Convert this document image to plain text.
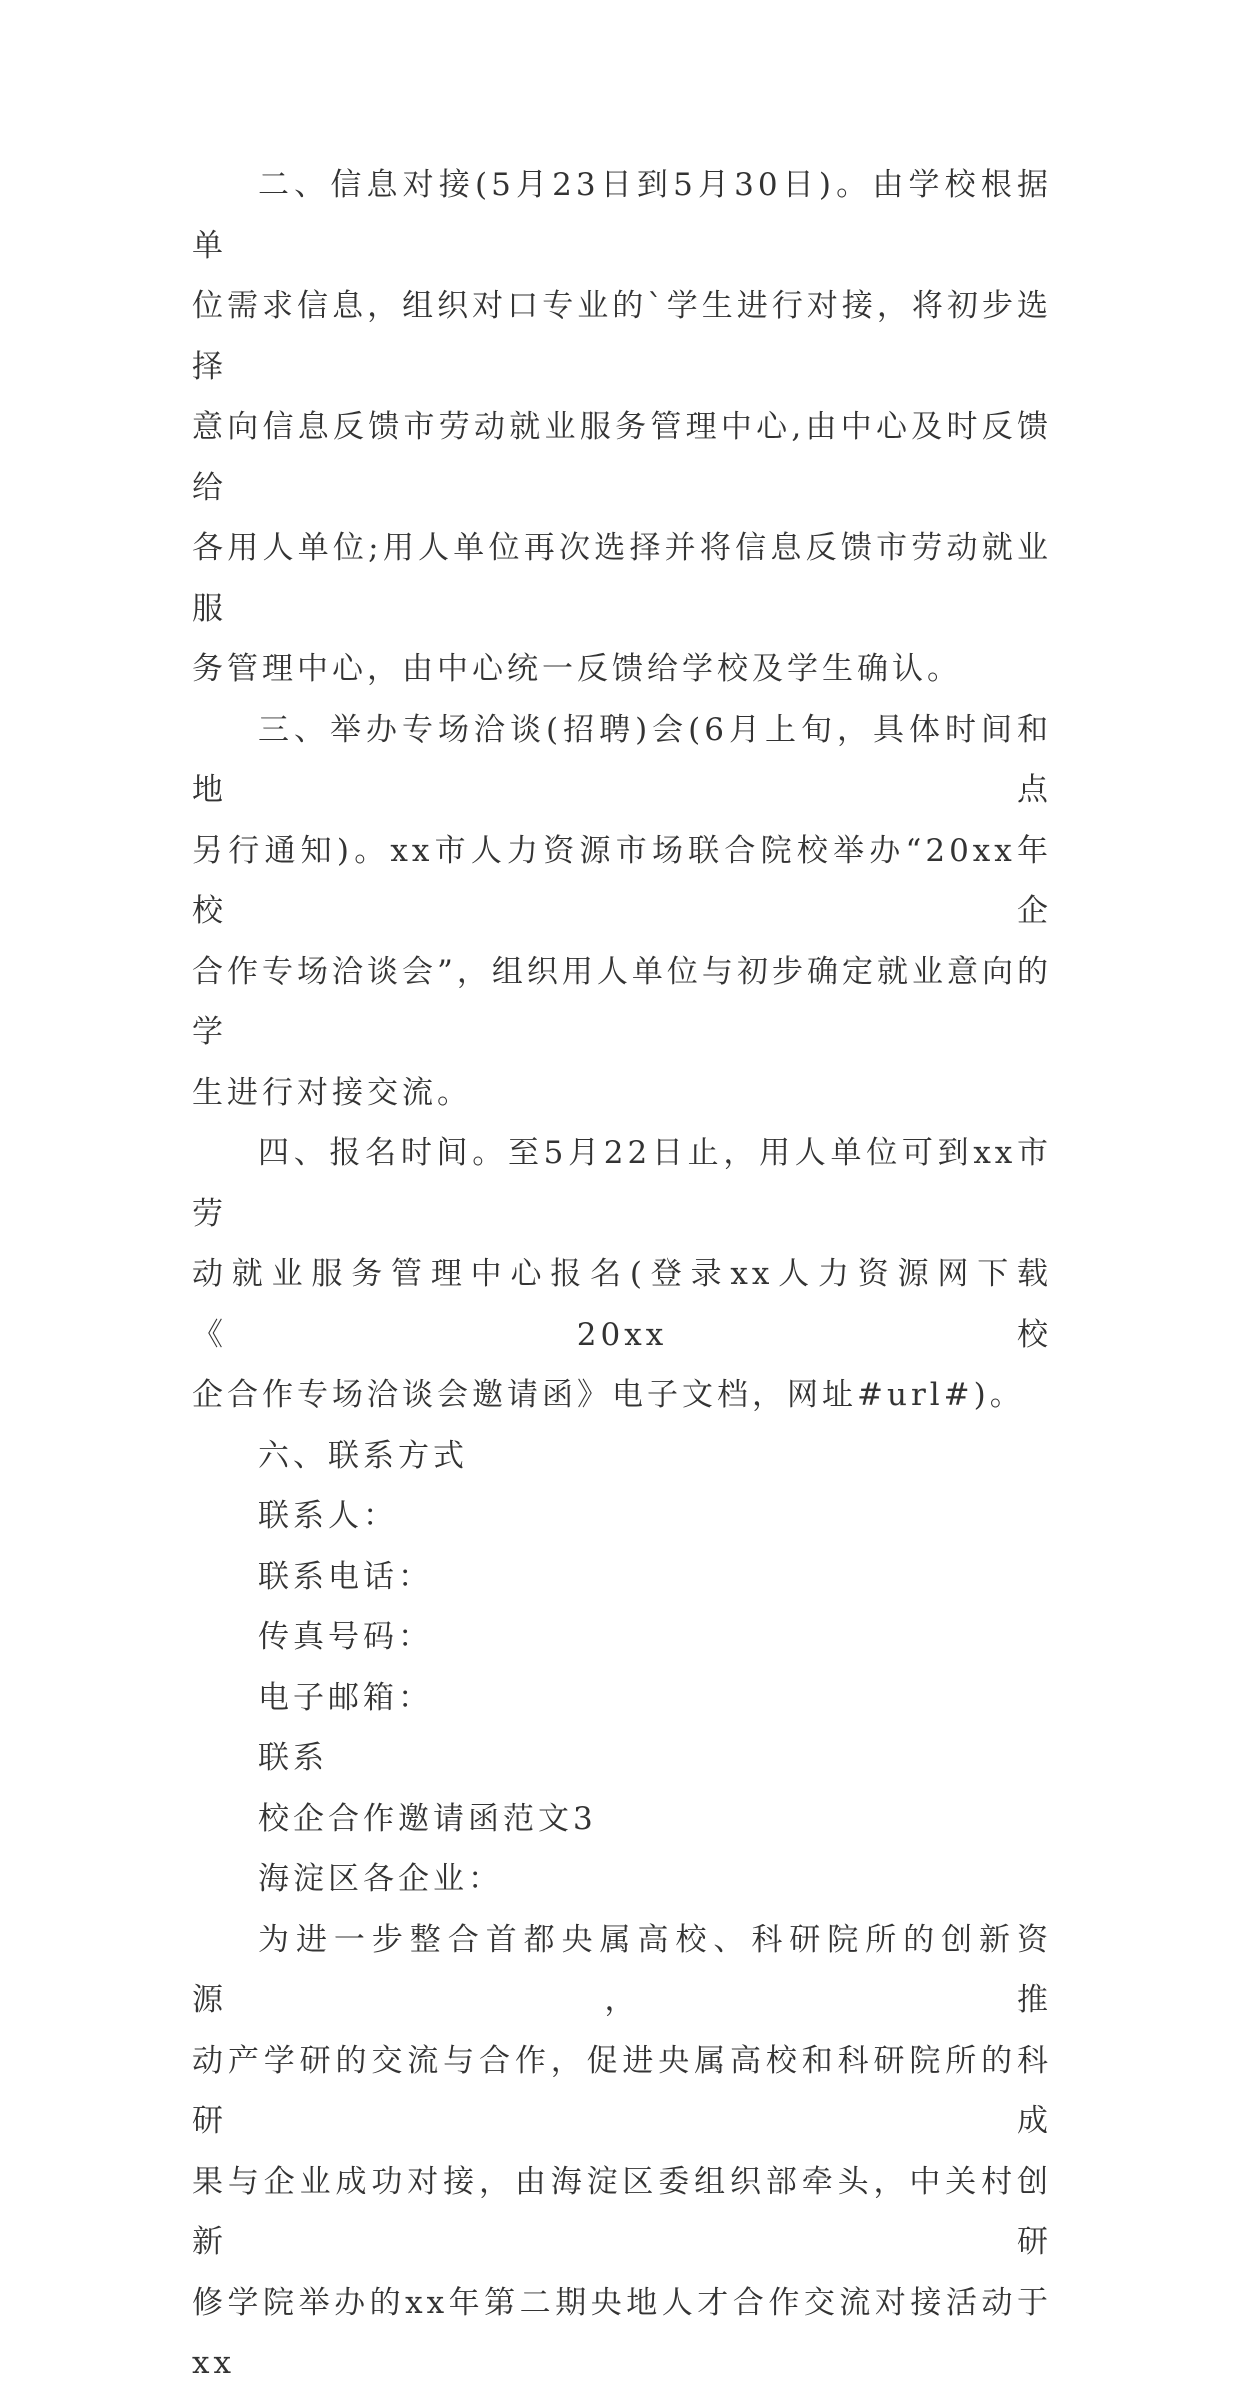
二、信息对接(5月23日到5月30日)。由学校根据单
位需求信息，组织对口专业的`学生进行对接，将初步选择
意向信息反馈市劳动就业服务管理中心,由中心及时反馈给
各用人单位;用人单位再次选择并将信息反馈市劳动就业服
务管理中心，由中心统一反馈给学校及学生确认。
三、举办专场洽谈(招聘)会(6月上旬，具体时间和地点
另行通知)。xx市人力资源市场联合院校举办“20xx年校企
合作专场洽谈会”，组织用人单位与初步确定就业意向的学
生进行对接交流。
四、报名时间。至5月22日止，用人单位可到xx市劳
动就业服务管理中心报名(登录xx人力资源网下载《20xx校
企合作专场洽谈会邀请函》电子文档，网址#url#)。

六、联系方式

联系人：

联系电话：

传真号码：

电子邮箱：

联系

校企合作邀请函范文3

海淀区各企业：

为进一步整合首都央属高校、科研院所的创新资源，推
动产学研的交流与合作，促进央属高校和科研院所的科研成
果与企业成功对接，由海淀区委组织部牵头，中关村创新研
修学院举办的xx年第二期央地人才合作交流对接活动于xx
